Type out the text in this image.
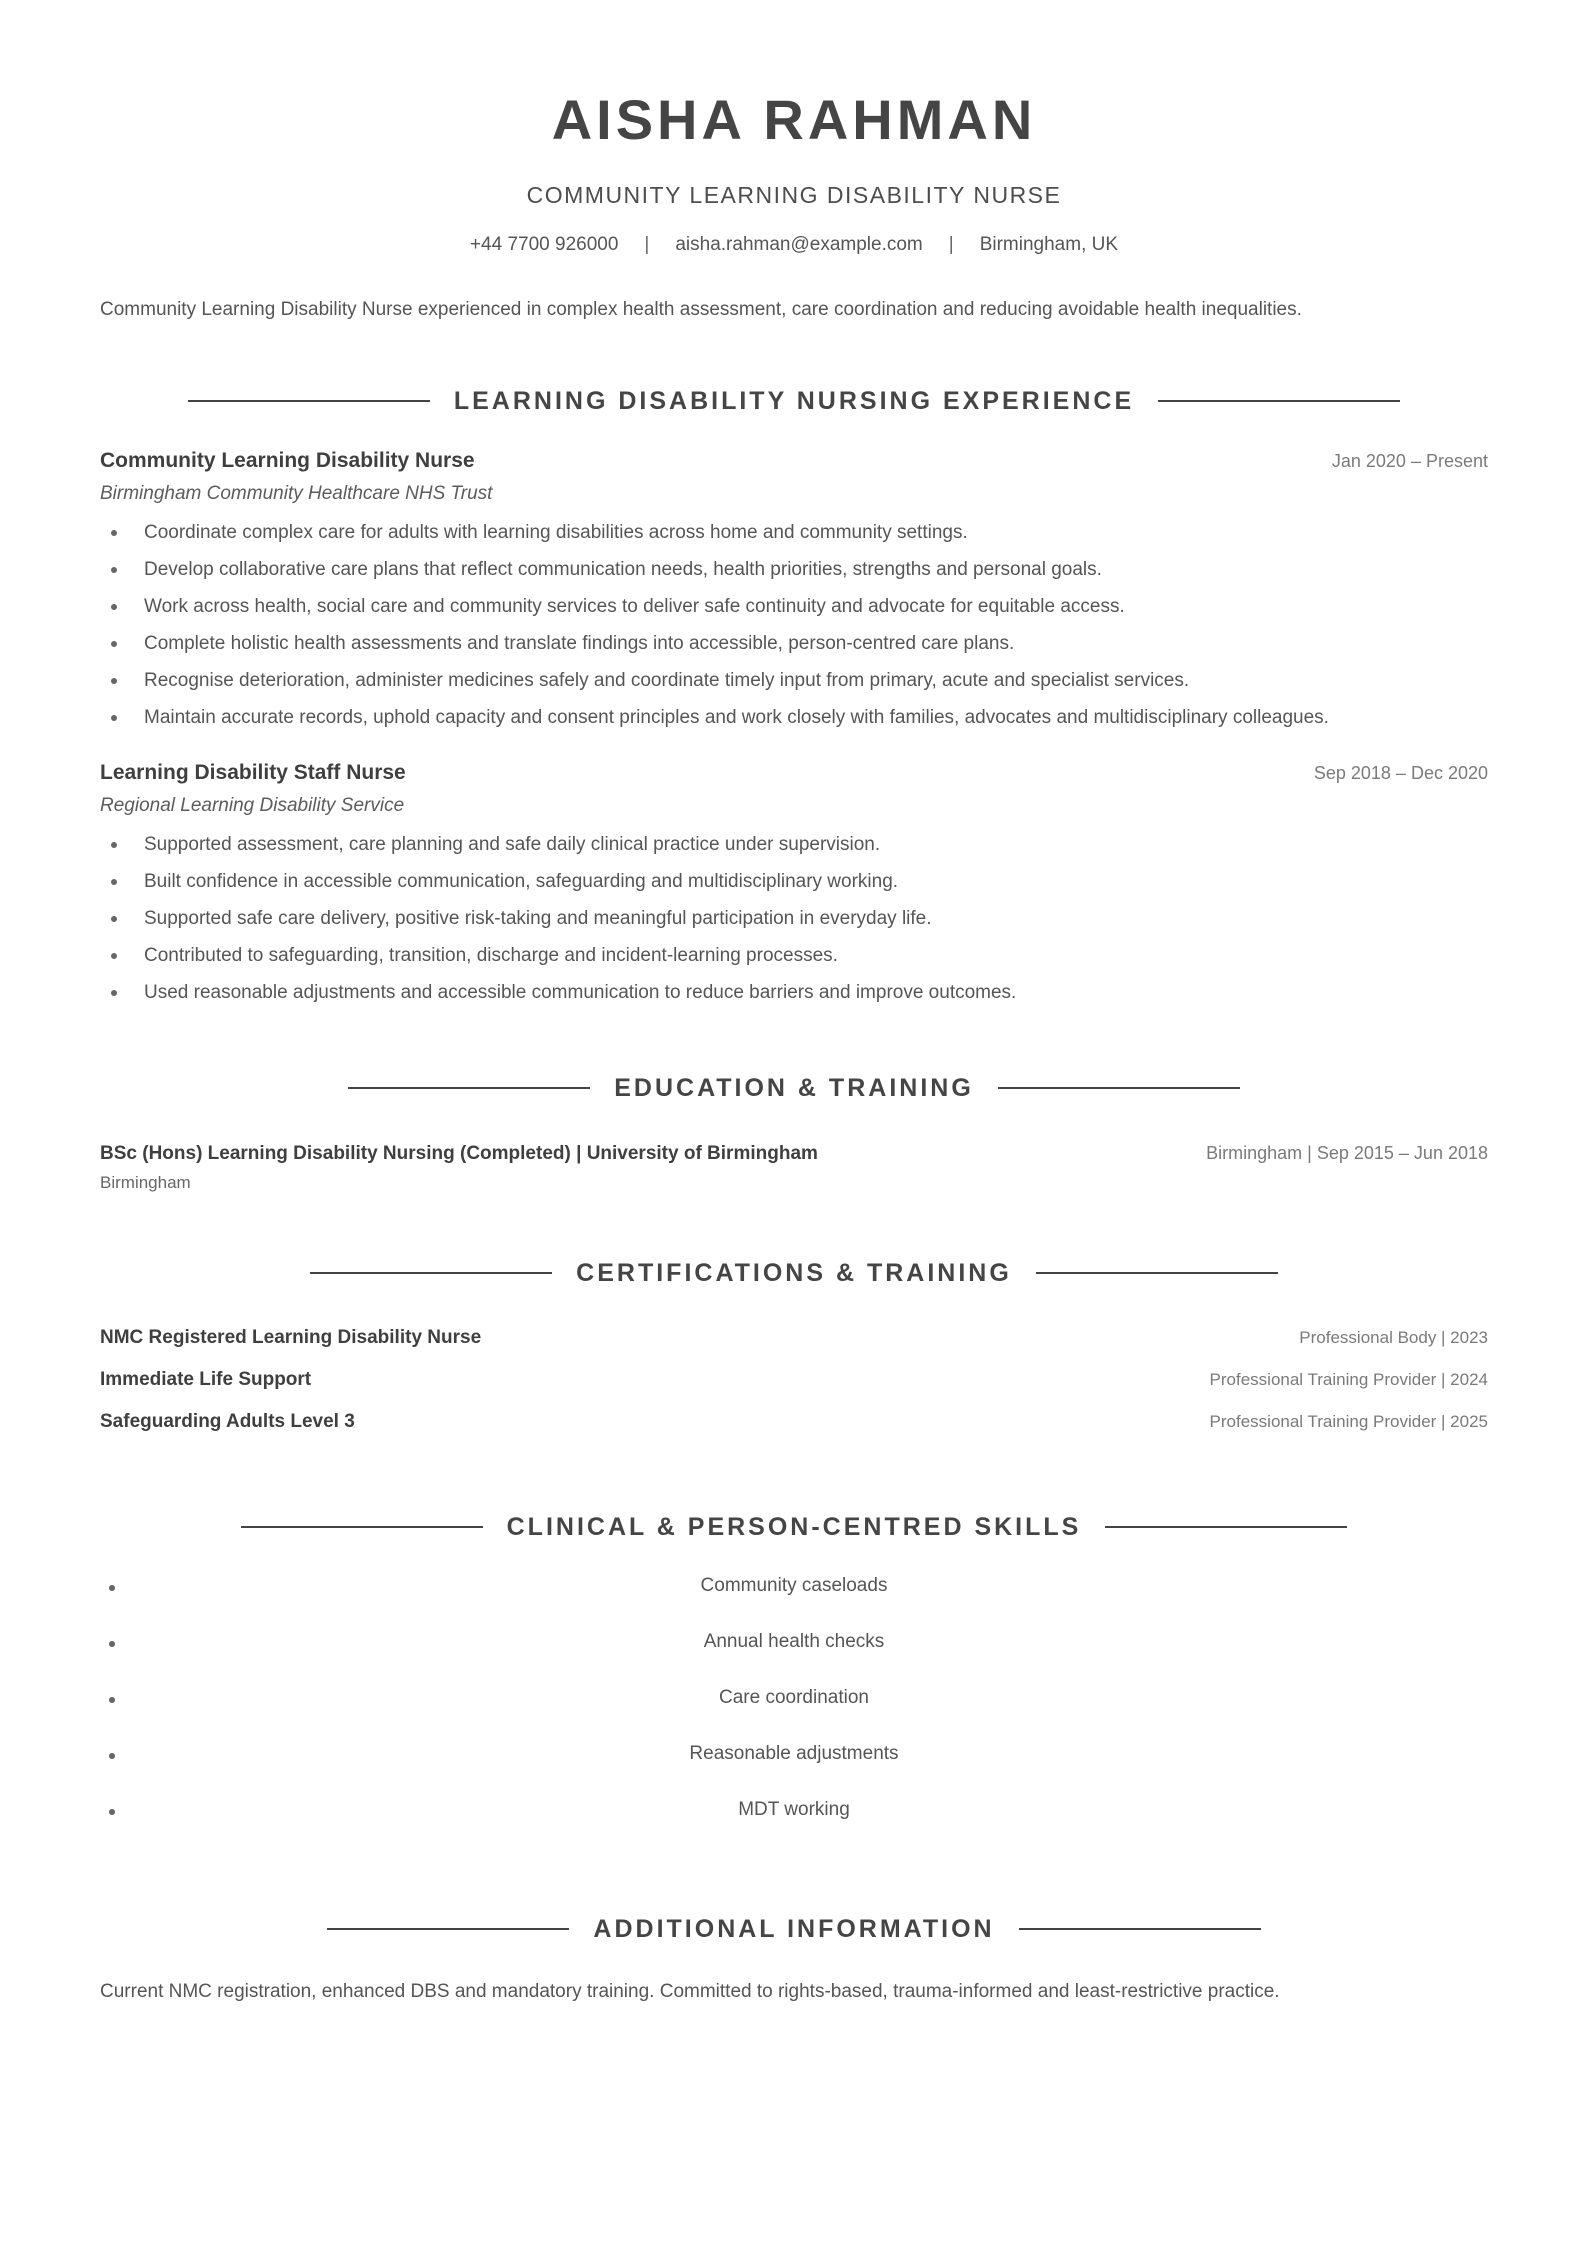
AISHA RAHMAN
COMMUNITY LEARNING DISABILITY NURSE
+44 7700 926000	|	aisha.rahman@example.com	|	Birmingham, UK

Community Learning Disability Nurse experienced in complex health assessment, care coordination and reducing avoidable health inequalities.

LEARNING DISABILITY NURSING EXPERIENCE
Community Learning Disability Nurse	Jan 2020 – Present
Birmingham Community Healthcare NHS Trust
Coordinate complex care for adults with learning disabilities across home and community settings.
Develop collaborative care plans that reflect communication needs, health priorities, strengths and personal goals.
Work across health, social care and community services to deliver safe continuity and advocate for equitable access.
Complete holistic health assessments and translate findings into accessible, person-centred care plans.
Recognise deterioration, administer medicines safely and coordinate timely input from primary, acute and specialist services.
Maintain accurate records, uphold capacity and consent principles and work closely with families, advocates and multidisciplinary colleagues.
Learning Disability Staff Nurse	Sep 2018 – Dec 2020
Regional Learning Disability Service
Supported assessment, care planning and safe daily clinical practice under supervision.
Built confidence in accessible communication, safeguarding and multidisciplinary working.
Supported safe care delivery, positive risk-taking and meaningful participation in everyday life.
Contributed to safeguarding, transition, discharge and incident-learning processes.
Used reasonable adjustments and accessible communication to reduce barriers and improve outcomes.
EDUCATION & TRAINING
BSc (Hons) Learning Disability Nursing (Completed) | University of Birmingham	Birmingham | Sep 2015 – Jun 2018
Birmingham
CERTIFICATIONS & TRAINING
NMC Registered Learning Disability Nurse	Professional Body | 2023
Immediate Life Support	Professional Training Provider | 2024
Safeguarding Adults Level 3	Professional Training Provider | 2025
CLINICAL & PERSON-CENTRED SKILLS
Community caseloads
Annual health checks
Care coordination
Reasonable adjustments
MDT working
ADDITIONAL INFORMATION

Current NMC registration, enhanced DBS and mandatory training. Committed to rights-based, trauma-informed and least-restrictive practice.
